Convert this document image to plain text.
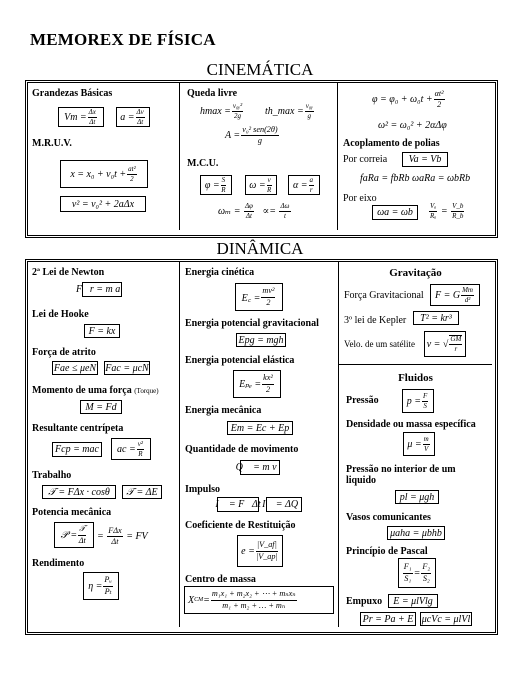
MEMOREX DE FÍSICA
CINEMÁTICA
Grandezas Básicas
$Vm = \frac{\Delta x}{\Delta t}$ $a = \frac{\Delta v}{\Delta t}$
M.R.U.V.
$x = x_0 + v_0t + \frac{\text{at²}}{2}$
v² = v₀² + 2aΔx
Queda livre
$hmax = \frac{\text{v₀ᵧ²}}{2g}$ th_max = $\frac{\text{v₀ᵧ}}{g}$
$A = \frac{\text{v₀² sen(2θ)}}{g}$
M.C.U.
$\varphi = \frac{S}{R}$	$\omega = \frac{v}{R}$	$\alpha = \frac{a}{r}$
$\omega_m = \frac{\Delta\varphi}{\Delta t} \propto= \frac{\Delta\omega}{t}$
$\varphi = \varphi_0 + \omega_0t + \frac{\text{αt²}}{2}$
ω² = ω₀² + 2αΔφ
Acoplamento de polias
Por correia	Va = Vb
faRa = fbRb ωaRa = ωbRb
Por eixo
ωa = ωb	$\frac{\text{Vₐ}}{\text{Rₐ}} = \frac{V\_b}{R\_b}$
DINÂMICA
2ª Lei de Newton
F⃗r = m a⃗
Lei de Hooke
F = kx
Força de atrito
Fae ≤ μeN Fac = μcN
Momento de uma força (Torque)
M = Fd
Resultante centrípeta
Fcp = mac	ac = $\frac{\text{v²}}{R}$
Trabalho
𝒯 = FΔx · cosθ	𝒯 = ΔE
Potencia mecânica
𝒫 = $\frac{\text{𝒯}}{\Delta t} = \frac{\text{FΔx}}{\Delta t}$ = FV
Rendimento
$\eta = \frac{\text{Pᵤ}}{\text{Pₜ}}$
Energia cinética
E꜀ = $\frac{\text{mv²}}{2}$
Energia potencial gravitacional
Epg = mgh
Energia potencial elástica
$E_{pe} = \frac{\text{kx²}}{2}$
Energia mecânica
Em = Ec + Ep
Quantidade de movimento
Q⃗ = m v⃗
Impulso
I⃗ = F⃗Δt I⃗ = ΔQ⃗
Coeficiente de Restituição
$e = \frac{|V\_af|}{|V\_ap|}$
Centro de massa
X CM = $\frac{\text{m₁x₁ + m₂x₂ + ⋯ + mₙxₙ}}{\text{m₁ + m₂ + … + mₙ}}$
Gravitação
Força Gravitacional	F = G $\frac{Mm}{\text{d²}}$
3º lei de Kepler	T² = kr³
Velo. de um satélite v = √ $\frac{GM}{r}$
Fluidos
Pressão	$p = \frac{F}{S}$
Densidade ou massa específica
$\mu = \frac{m}{V}$
Pressão no interior de um liquido
pl = μgh
Vasos comunicantes
μaha = μbhb
Princípio de Pascal
$\frac{\text{F₁}}{\text{S₁}} = \frac{\text{F₂}}{\text{S₂}}$
Empuxo	E = μlVlg
Pr = Pa + E μcVc = μlVl
